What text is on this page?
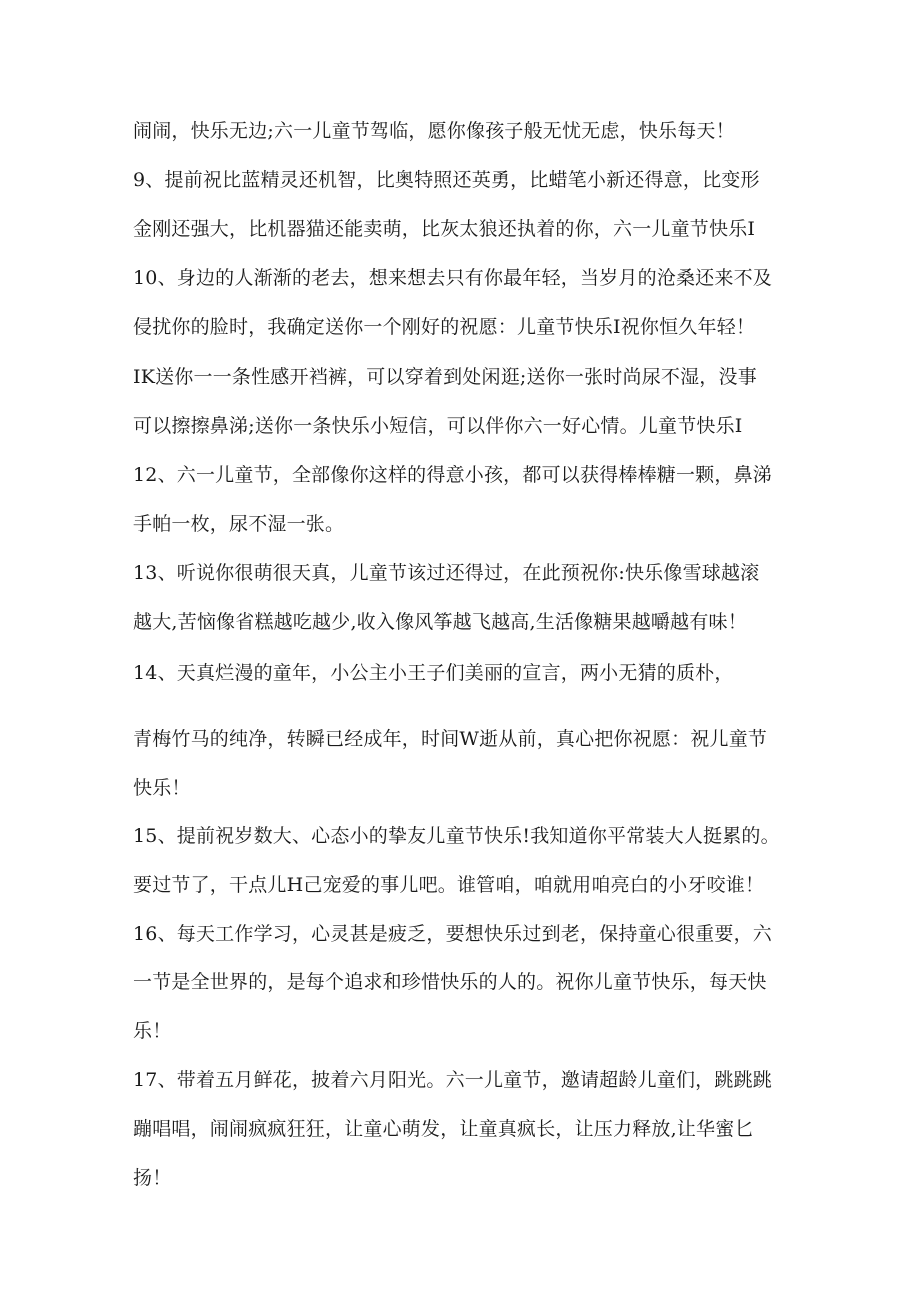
闹闹，快乐无边;六一儿童节驾临，愿你像孩子般无忧无虑，快乐每天！
9、提前祝比蓝精灵还机智，比奥特照还英勇，比蜡笔小新还得意，比变形
金刚还强大，比机器猫还能卖萌，比灰太狼还执着的你，六一儿童节快乐I
10、身边的人渐渐的老去，想来想去只有你最年轻，当岁月的沧桑还来不及
侵扰你的脸时，我确定送你一个刚好的祝愿：儿童节快乐I祝你恒久年轻！
IK送你一一条性感开裆裤，可以穿着到处闲逛;送你一张时尚尿不湿，没事
可以擦擦鼻涕;送你一条快乐小短信，可以伴你六一好心情。儿童节快乐I
12、六一儿童节，全部像你这样的得意小孩，都可以获得棒棒糖一颗，鼻涕
手帕一枚，尿不湿一张。
13、听说你很萌很天真，儿童节该过还得过，在此预祝你:快乐像雪球越滚
越大,苦恼像省糕越吃越少,收入像风筝越飞越高,生活像糖果越嚼越有味！
14、天真烂漫的童年，小公主小王子们美丽的宣言，两小无猜的质朴，
青梅竹马的纯净，转瞬已经成年，时间W逝从前，真心把你祝愿：祝儿童节
快乐！
15、提前祝岁数大、心态小的挚友儿童节快乐!我知道你平常装大人挺累的。
要过节了，干点儿H己宠爱的事儿吧。谁管咱，咱就用咱亮白的小牙咬谁！
16、每天工作学习，心灵甚是疲乏，要想快乐过到老，保持童心很重要，六
一节是全世界的，是每个追求和珍惜快乐的人的。祝你儿童节快乐，每天快
乐！
17、带着五月鲜花，披着六月阳光。六一儿童节，邀请超龄儿童们，跳跳跳
蹦唱唱，闹闹疯疯狂狂，让童心萌发，让童真疯长，让压力释放,让华蜜匕
扬！
